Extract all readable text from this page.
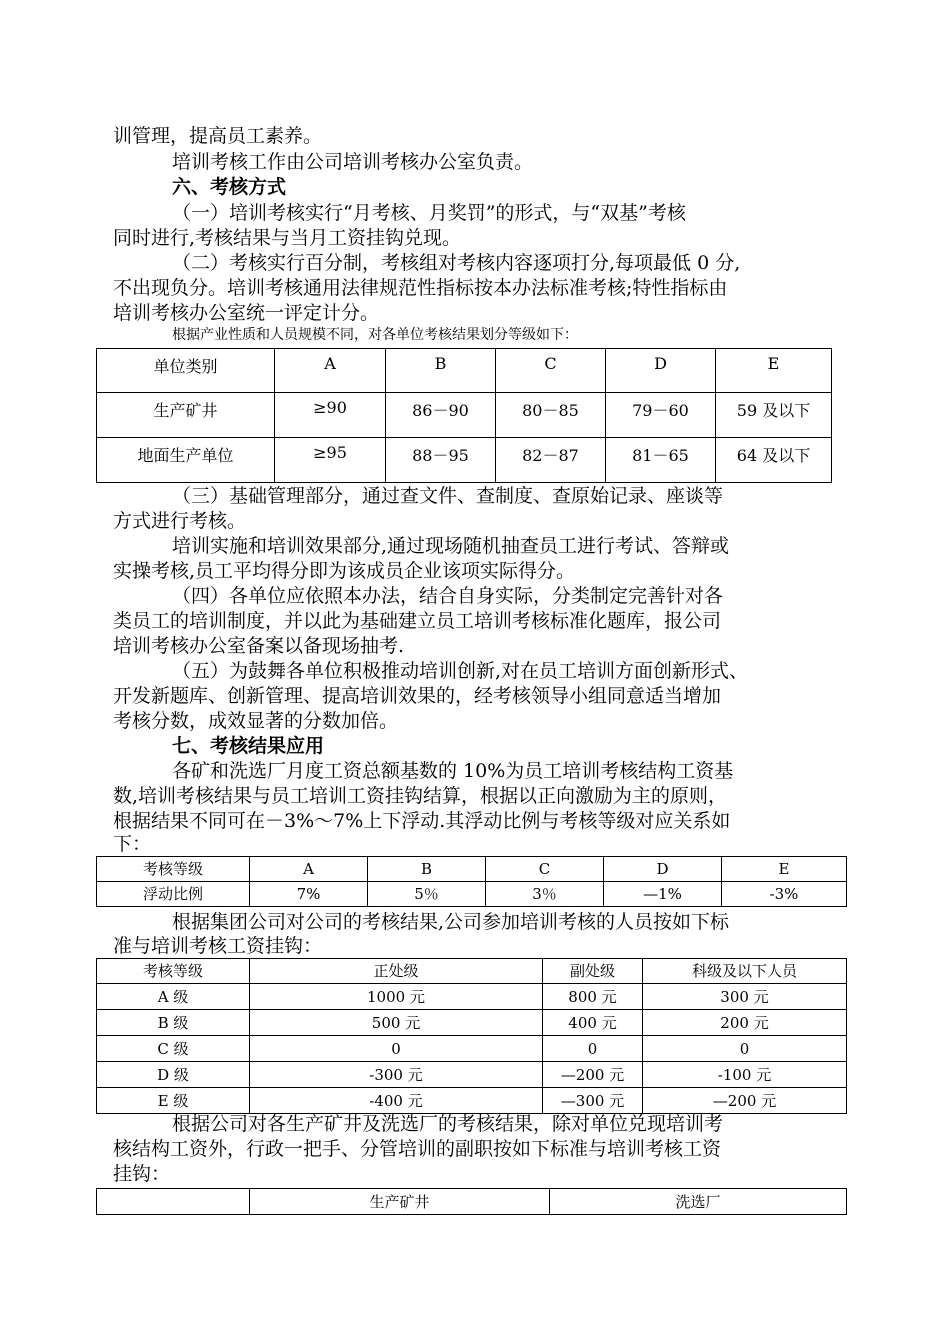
训管理，提高员工素养。
培训考核工作由公司培训考核办公室负责。
六、考核方式
（一）培训考核实行“月考核、月奖罚”的形式，与“双基”考核
同时进行,考核结果与当月工资挂钩兑现。
（二）考核实行百分制，考核组对考核内容逐项打分,每项最低 0 分,
不出现负分。培训考核通用法律规范性指标按本办法标准考核;特性指标由
培训考核办公室统一评定计分。
根据产业性质和人员规模不同，对各单位考核结果划分等级如下：
单位类别	A	B	C	D	E
生产矿井	≥90	86－90	80－85	79－60	59 及以下
地面生产单位	≥95	88－95	82－87	81－65	64 及以下
（三）基础管理部分，通过查文件、查制度、查原始记录、座谈等
方式进行考核。
培训实施和培训效果部分,通过现场随机抽查员工进行考试、答辩或
实操考核,员工平均得分即为该成员企业该项实际得分。
（四）各单位应依照本办法，结合自身实际，分类制定完善针对各
类员工的培训制度，并以此为基础建立员工培训考核标准化题库，报公司
培训考核办公室备案以备现场抽考.
（五）为鼓舞各单位积极推动培训创新,对在员工培训方面创新形式、
开发新题库、创新管理、提高培训效果的，经考核领导小组同意适当增加
考核分数，成效显著的分数加倍。
七、考核结果应用
各矿和洗选厂月度工资总额基数的 10%为员工培训考核结构工资基
数,培训考核结果与员工培训工资挂钩结算，根据以正向激励为主的原则，
根据结果不同可在－3%～7%上下浮动.其浮动比例与考核等级对应关系如
下：
考核等级	A	B	C	D	E
浮动比例	7%	5％	3％	—1%	-3%
根据集团公司对公司的考核结果,公司参加培训考核的人员按如下标
准与培训考核工资挂钩：
考核等级	正处级	副处级	科级及以下人员
A 级	1000 元	800 元	300 元
B 级	500 元	400 元	200 元
C 级	0	0	0
D 级	-300 元	—200 元	-100 元
E 级	-400 元	—300 元	—200 元
根据公司对各生产矿井及洗选厂的考核结果，除对单位兑现培训考
核结构工资外，行政一把手、分管培训的副职按如下标准与培训考核工资
挂钩：
	生产矿井	洗选厂
